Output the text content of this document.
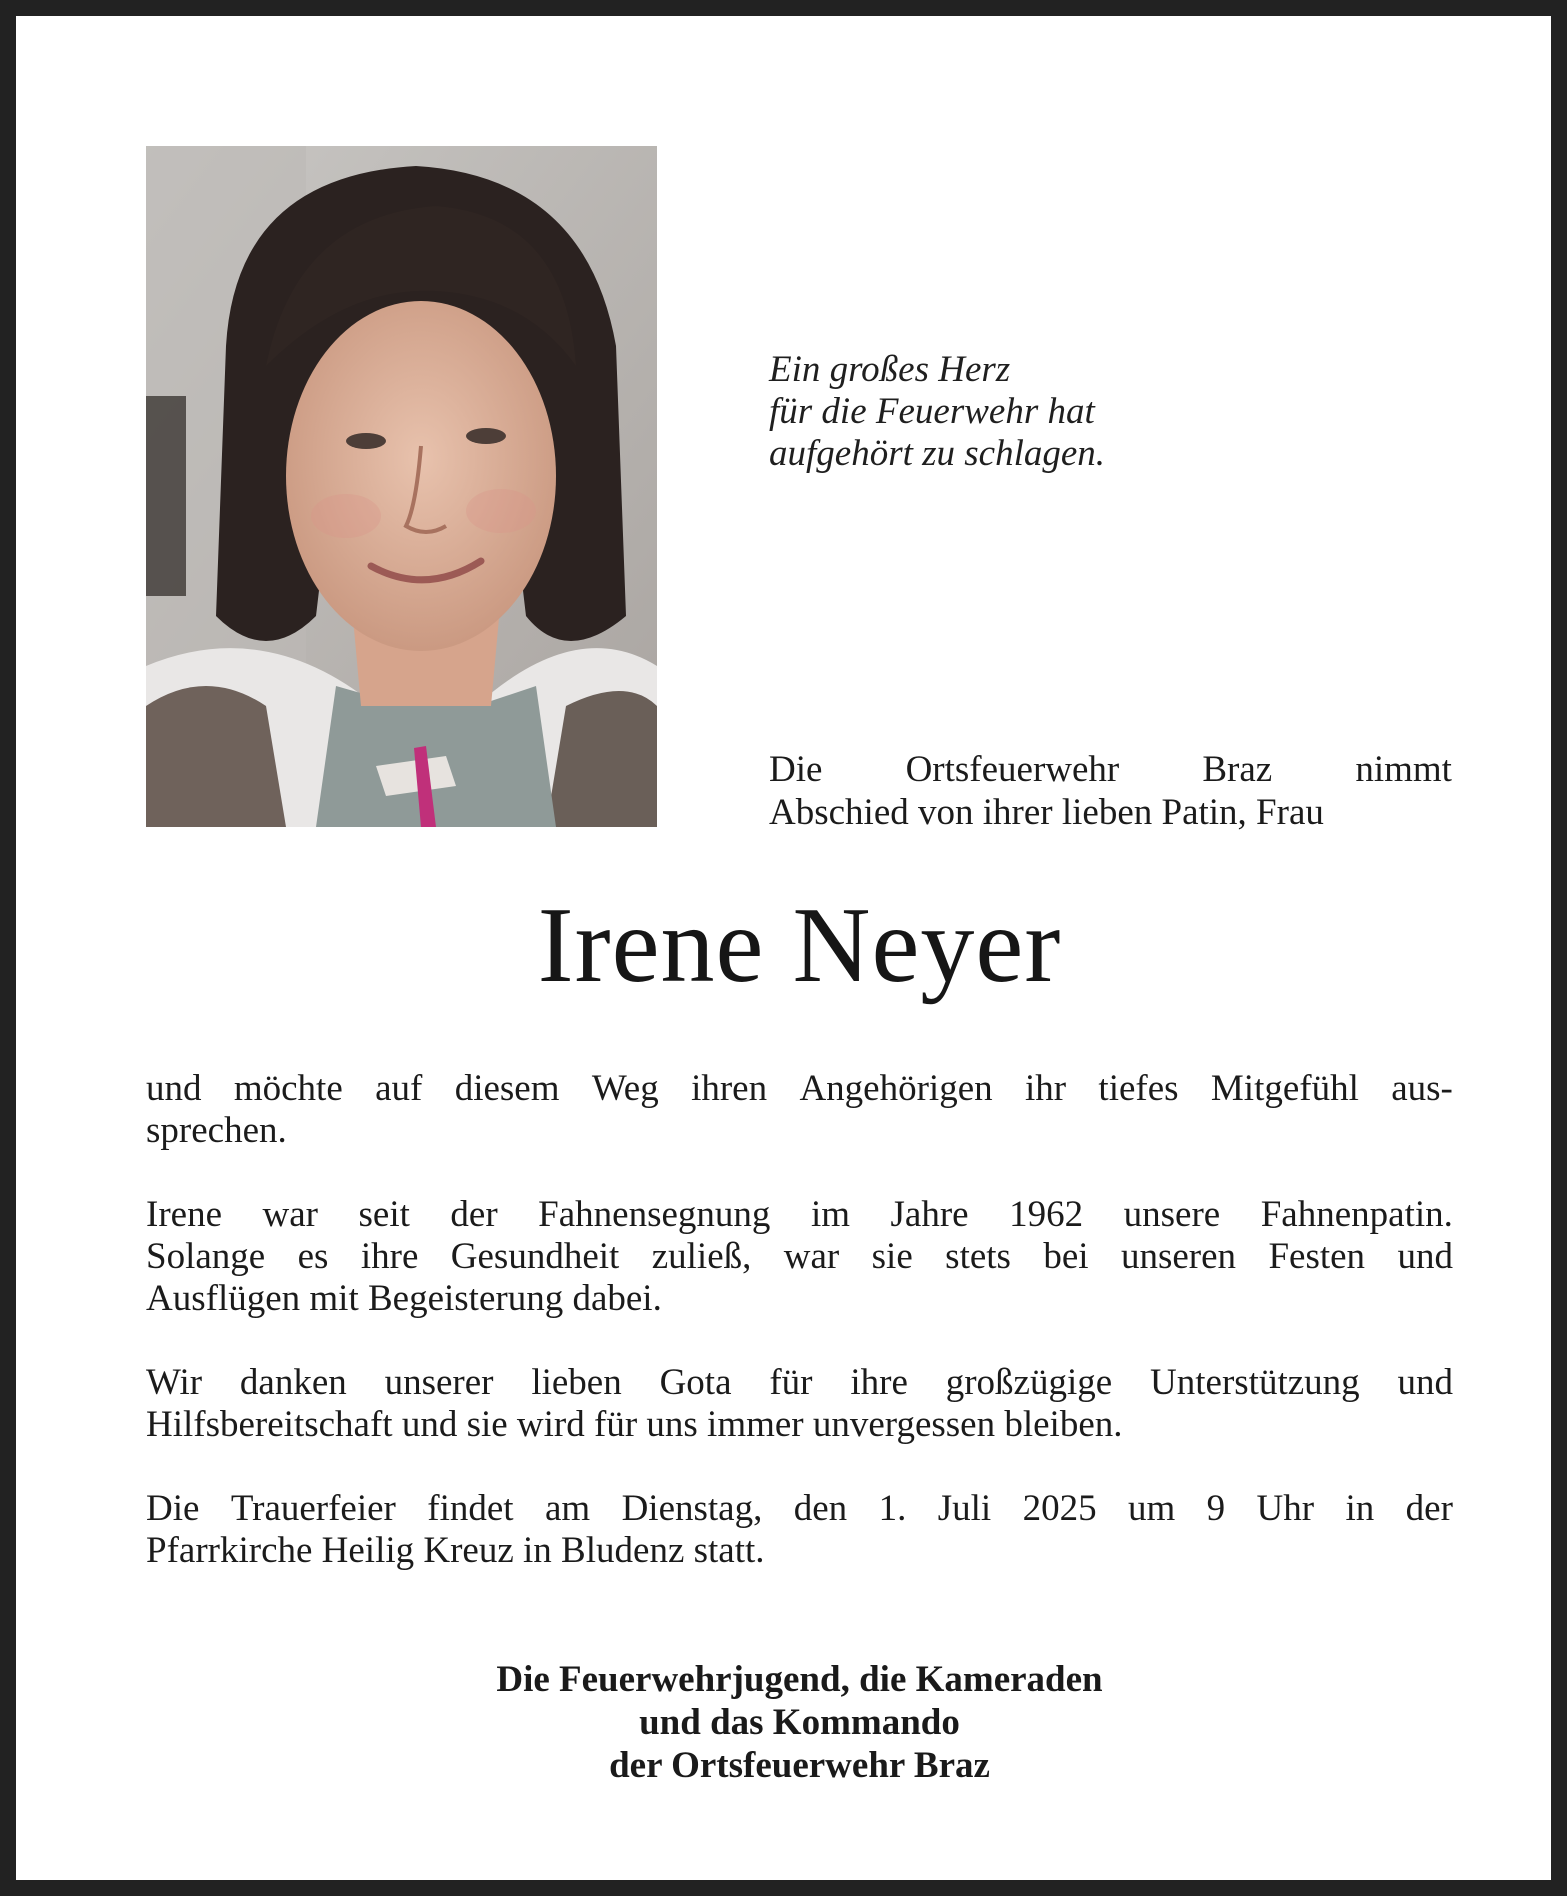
Ein großes Herz
für die Feuerwehr hat
aufgehört zu schlagen.
Die Ortsfeuerwehr Braz nimmt
Abschied von ihrer lieben Patin, Frau
Irene Neyer
und möchte auf diesem Weg ihren Angehörigen ihr tiefes Mitgefühl aus-
sprechen.
Irene war seit der Fahnensegnung im Jahre 1962 unsere Fahnenpatin.
Solange es ihre Gesundheit zuließ, war sie stets bei unseren Festen und
Ausflügen mit Begeisterung dabei.
Wir danken unserer lieben Gota für ihre großzügige Unterstützung und
Hilfsbereitschaft und sie wird für uns immer unvergessen bleiben.
Die Trauerfeier findet am Dienstag, den 1. Juli 2025 um 9 Uhr in der
Pfarrkirche Heilig Kreuz in Bludenz statt.
Die Feuerwehrjugend, die Kameraden
und das Kommando
der Ortsfeuerwehr Braz
